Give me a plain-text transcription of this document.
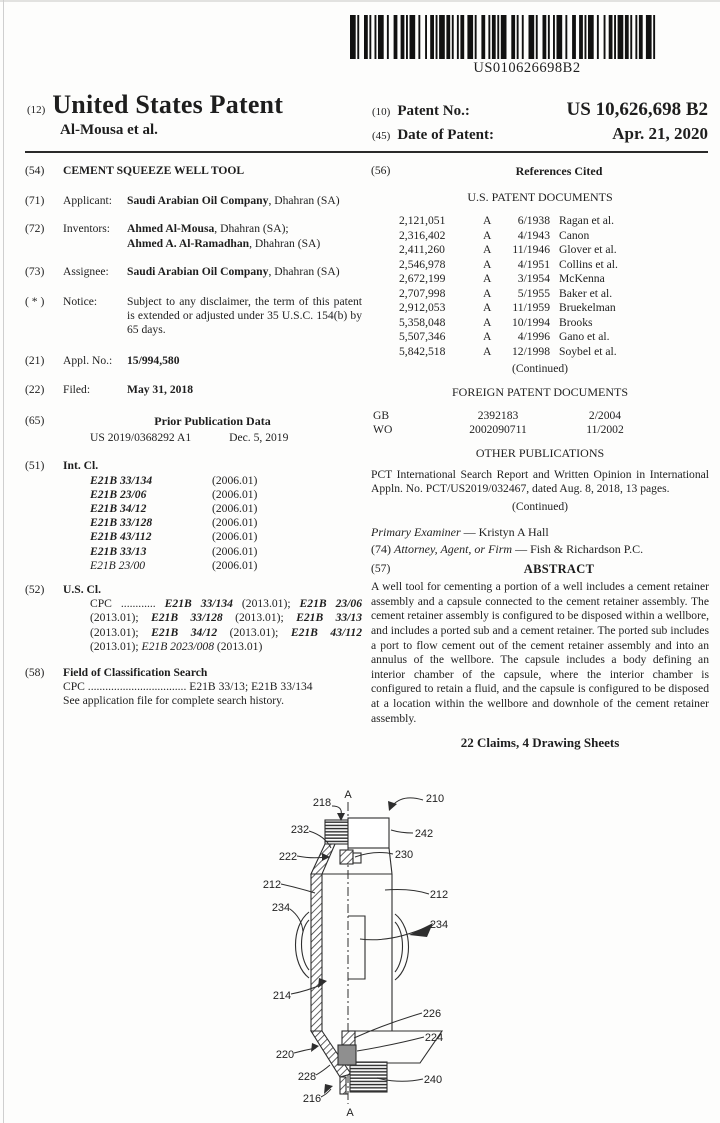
US010626698B2
(12) United States Patent
Al-Mousa et al.
(10) Patent No.:	US 10,626,698 B2
(45) Date of Patent:	Apr. 21, 2020
(54)	CEMENT SQUEEZE WELL TOOL
(71)	Applicant:	Saudi Arabian Oil Company, Dhahran (SA)
(72)	Inventors:	Ahmed Al-Mousa, Dhahran (SA);
Ahmed A. Al-Ramadhan, Dhahran (SA)
(73)	Assignee:	Saudi Arabian Oil Company, Dhahran (SA)
( * )	Notice:	Subject to any disclaimer, the term of this patent is extended or adjusted under 35 U.S.C. 154(b) by 65 days.
(21)	Appl. No.:	15/994,580
(22)	Filed:	May 31, 2018
(65)	Prior Publication Data
US 2019/0368292 A1	Dec. 5, 2019
(51)	Int. Cl.
E21B 33/134	(2006.01)
E21B 23/06	(2006.01)
E21B 34/12	(2006.01)
E21B 33/128	(2006.01)
E21B 43/112	(2006.01)
E21B 33/13	(2006.01)
E21B 23/00	(2006.01)
(52)	U.S. Cl.
CPC ............ E21B 33/134 (2013.01); E21B 23/06 (2013.01); E21B 33/128 (2013.01); E21B 33/13 (2013.01); E21B 34/12 (2013.01); E21B 43/112 (2013.01); E21B 2023/008 (2013.01)
(58)	Field of Classification Search
CPC .................................. E21B 33/13; E21B 33/134
See application file for complete search history.
(56)	References Cited
U.S. PATENT DOCUMENTS
2,121,051	A	6/1938 Ragan et al.
2,316,402	A	4/1943 Canon
2,411,260	A	11/1946 Glover et al.
2,546,978	A	4/1951 Collins et al.
2,672,199	A	3/1954 McKenna
2,707,998	A	5/1955 Baker et al.
2,912,053	A	11/1959 Bruekelman
5,358,048	A	10/1994 Brooks
5,507,346	A	4/1996 Gano et al.
5,842,518	A	12/1998 Soybel et al.
(Continued)
FOREIGN PATENT DOCUMENTS
GB	2392183	2/2004
WO	2002090711	11/2002
OTHER PUBLICATIONS
PCT International Search Report and Written Opinion in International Appln. No. PCT/US2019/032467, dated Aug. 8, 2018, 13 pages.
(Continued)
Primary Examiner — Kristyn A Hall
(74) Attorney, Agent, or Firm — Fish & Richardson P.C.
(57)	ABSTRACT
A well tool for cementing a portion of a well includes a cement retainer assembly and a capsule connected to the cement retainer assembly. The cement retainer assembly is configured to be disposed within a wellbore, and includes a ported sub and a cement retainer. The ported sub includes a port to flow cement out of the cement retainer assembly and into an annulus of the wellbore. The capsule includes a body defining an interior chamber of the capsule, where the interior chamber is configured to retain a fluid, and the capsule is configured to be disposed at a location within the wellbore and downhole of the cement retainer assembly.
22 Claims, 4 Drawing Sheets
218
A	210
232	242
222	230
212
212
234
234
214
226
224
220
228	240
216
A
